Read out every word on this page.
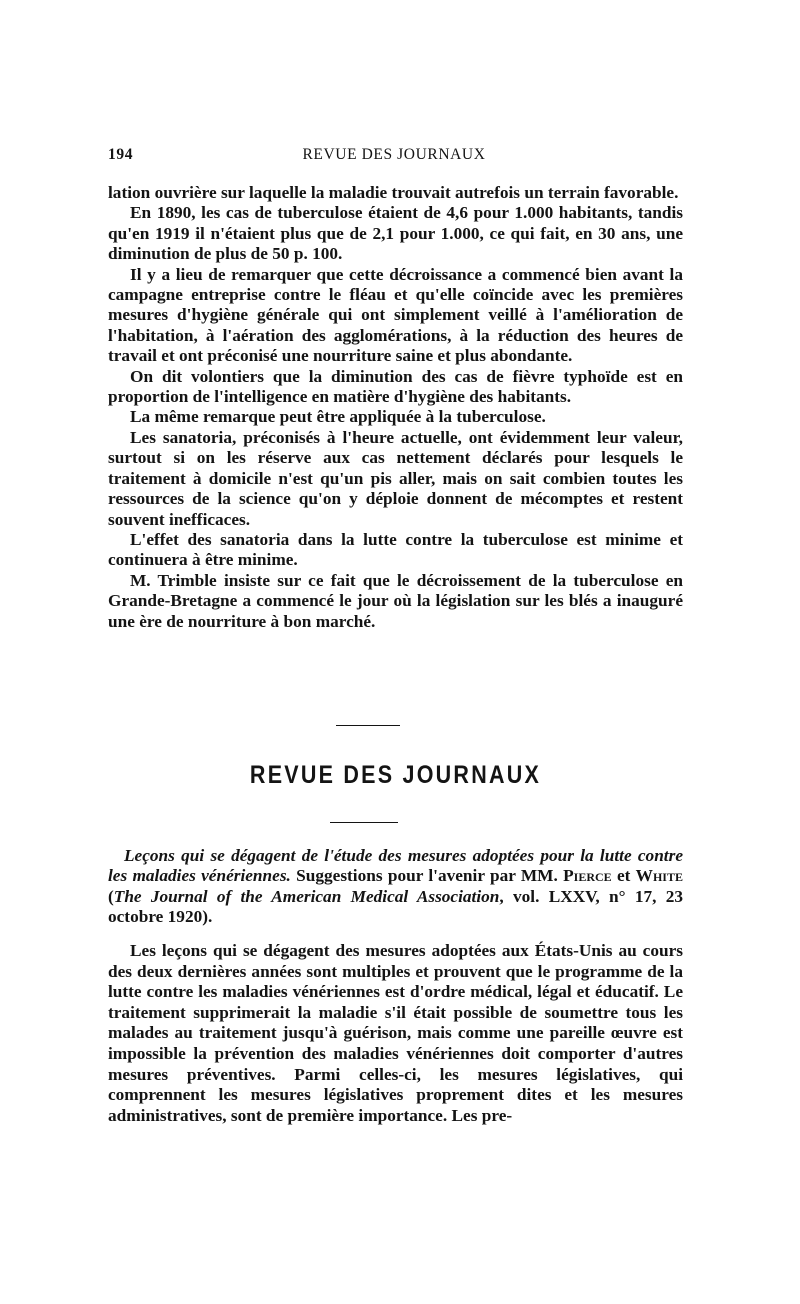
REVUE DES JOURNAUX
194

lation ouvrière sur laquelle la maladie trouvait autrefois un terrain favorable.

En 1890, les cas de tuberculose étaient de 4,6 pour 1.000 habitants, tandis qu'en 1919 il n'étaient plus que de 2,1 pour 1.000, ce qui fait, en 30 ans, une diminution de plus de 50 p. 100.

Il y a lieu de remarquer que cette décroissance a commencé bien avant la campagne entreprise contre le fléau et qu'elle coïncide avec les premières mesures d'hygiène générale qui ont simplement veillé à l'amélioration de l'habitation, à l'aération des agglomérations, à la réduction des heures de travail et ont préconisé une nourriture saine et plus abondante.

On dit volontiers que la diminution des cas de fièvre typhoïde est en proportion de l'intelligence en matière d'hygiène des habitants.

La même remarque peut être appliquée à la tuberculose.

Les sanatoria, préconisés à l'heure actuelle, ont évidemment leur valeur, surtout si on les réserve aux cas nettement déclarés pour lesquels le traitement à domicile n'est qu'un pis aller, mais on sait combien toutes les ressources de la science qu'on y déploie donnent de mécomptes et restent souvent inefficaces.

L'effet des sanatoria dans la lutte contre la tuberculose est minime et continuera à être minime.

M. Trimble insiste sur ce fait que le décroissement de la tuberculose en Grande-Bretagne a commencé le jour où la législation sur les blés a inauguré une ère de nourriture à bon marché.

REVUE DES JOURNAUX

Leçons qui se dégagent de l'étude des mesures adoptées pour la lutte contre les maladies vénériennes. Suggestions pour l'avenir par MM. Pierce et White (The Journal of the American Medical Association, vol. LXXV, n° 17, 23 octobre 1920).

Les leçons qui se dégagent des mesures adoptées aux États-Unis au cours des deux dernières années sont multiples et prouvent que le programme de la lutte contre les maladies vénériennes est d'ordre médical, légal et éducatif. Le traitement supprimerait la maladie s'il était possible de soumettre tous les malades au traitement jusqu'à guérison, mais comme une pareille œuvre est impossible la prévention des maladies vénériennes doit comporter d'autres mesures préventives. Parmi celles-ci, les mesures législatives, qui comprennent les mesures législatives proprement dites et les mesures administratives, sont de première importance. Les pre-
